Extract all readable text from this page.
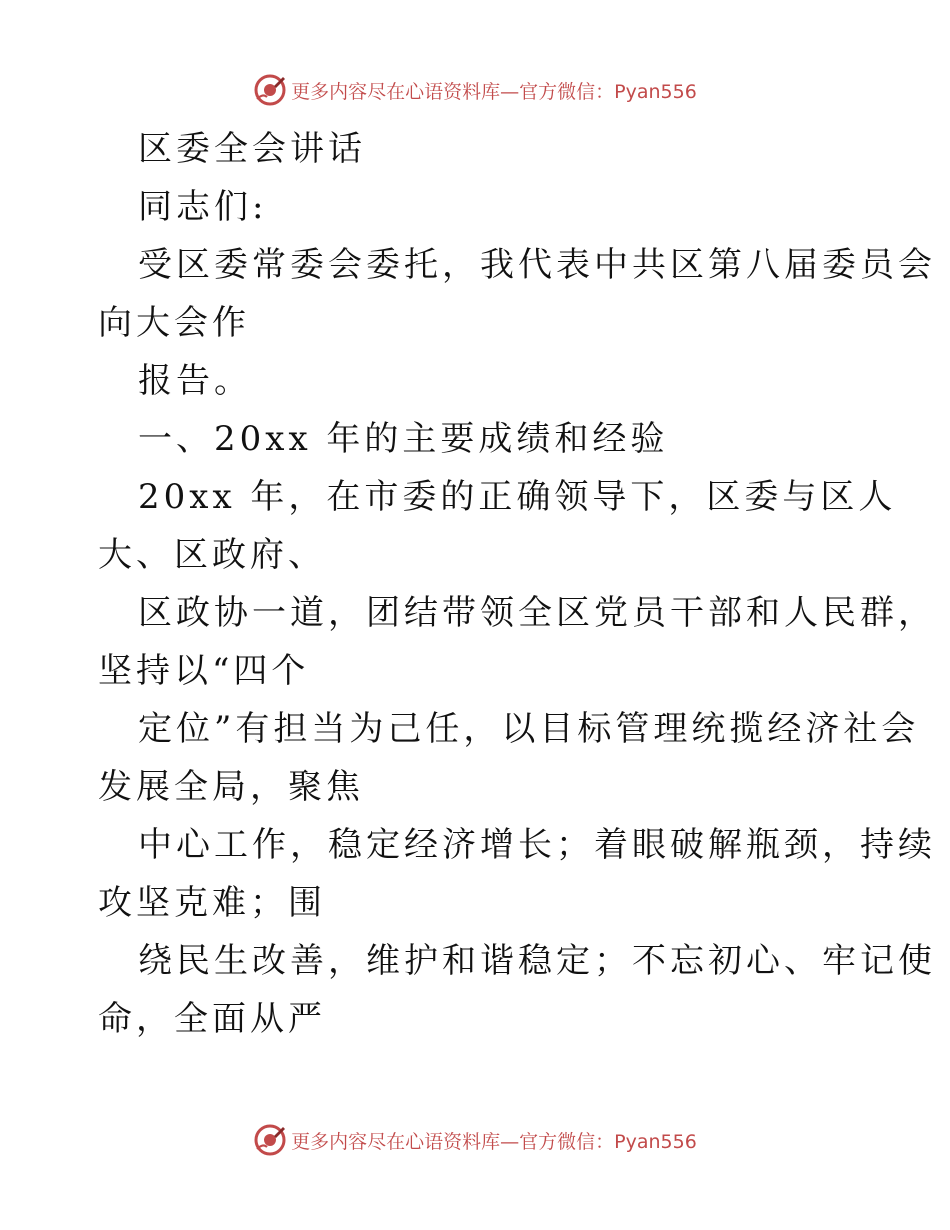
更多内容尽在心语资料库—官方微信：Pyan556
区委全会讲话
同志们:
受区委常委会委托，我代表中共区第八届委员会
向大会作
报告。
一、20xx 年的主要成绩和经验
20xx 年，在市委的正确领导下，区委与区人
大、区政府、
区政协一道，团结带领全区党员干部和人民群，
坚持以“四个
定位”有担当为己任，以目标管理统揽经济社会
发展全局，聚焦
中心工作，稳定经济增长；着眼破解瓶颈，持续
攻坚克难；围
绕民生改善，维护和谐稳定；不忘初心、牢记使
命，全面从严
更多内容尽在心语资料库—官方微信：Pyan556
